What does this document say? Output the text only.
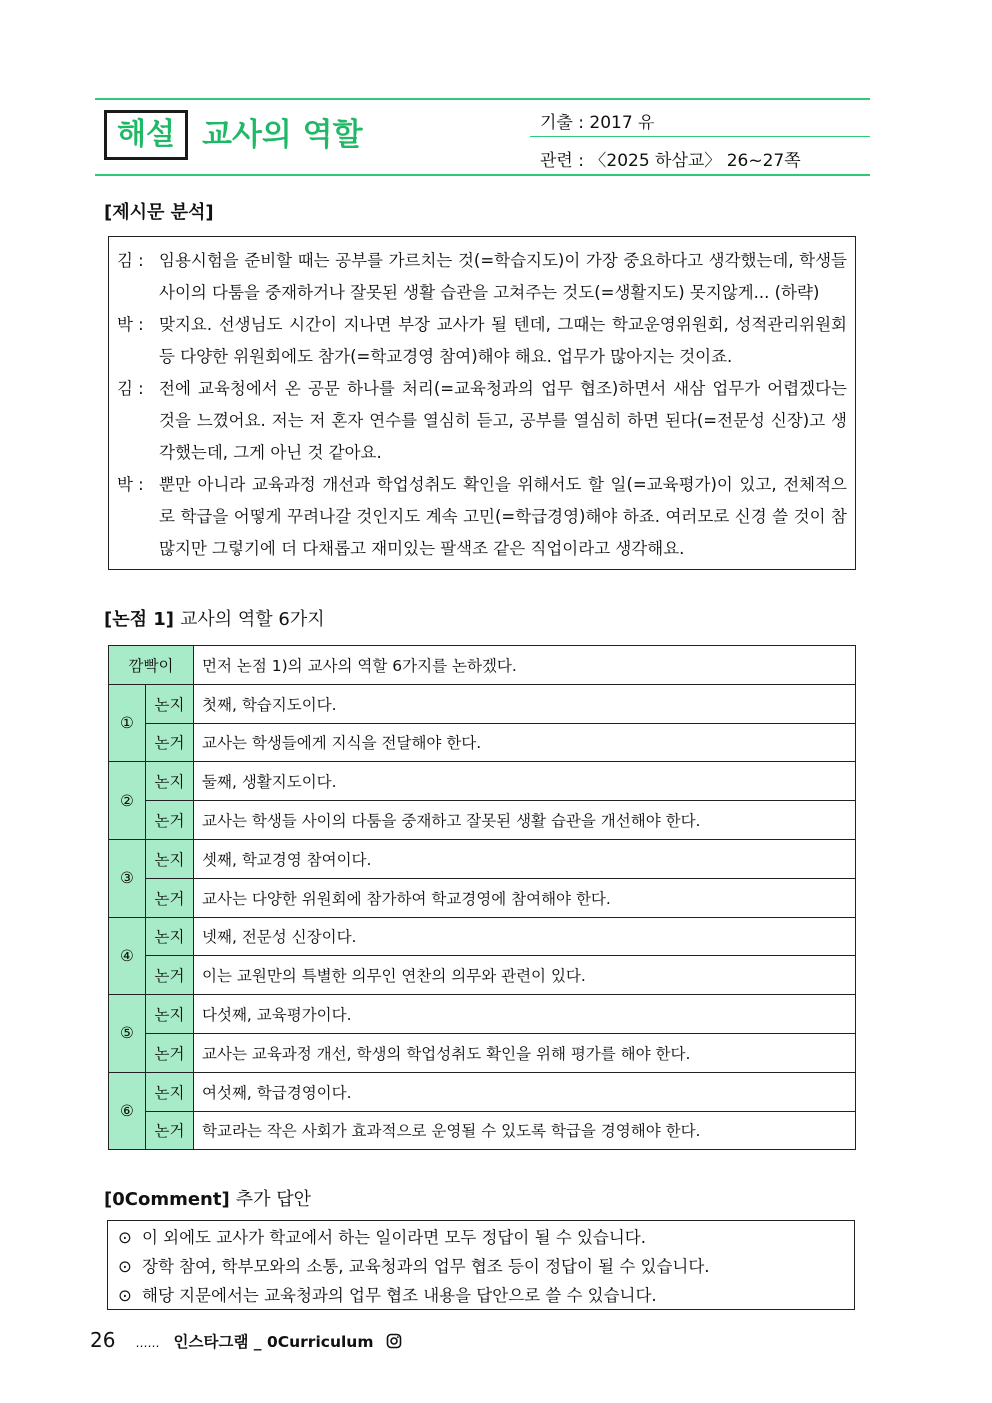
해설 교사의 역할	기출 : 2017 유
관련 : 〈2025 하삼교〉 26~27쪽
[제시문 분석]
김 : 임용시험을 준비할 때는 공부를 가르치는 것(=학습지도)이 가장 중요하다고 생각했는데, 학생들 사이의 다툼을 중재하거나 잘못된 생활 습관을 고쳐주는 것도(=생활지도) 못지않게... (하략)
박 : 맞지요. 선생님도 시간이 지나면 부장 교사가 될 텐데, 그때는 학교운영위원회, 성적관리위원회 등 다양한 위원회에도 참가(=학교경영 참여)해야 해요. 업무가 많아지는 것이죠.
김 : 전에 교육청에서 온 공문 하나를 처리(=교육청과의 업무 협조)하면서 새삼 업무가 어렵겠다는 것을 느꼈어요. 저는 저 혼자 연수를 열심히 듣고, 공부를 열심히 하면 된다(=전문성 신장)고 생각했는데, 그게 아닌 것 같아요.
박 : 뿐만 아니라 교육과정 개선과 학업성취도 확인을 위해서도 할 일(=교육평가)이 있고, 전체적으로 학급을 어떻게 꾸려나갈 것인지도 계속 고민(=학급경영)해야 하죠. 여러모로 신경 쓸 것이 참 많지만 그렇기에 더 다채롭고 재미있는 팔색조 같은 직업이라고 생각해요.
[논점 1] 교사의 역할 6가지
깜빡이		먼저 논점 1)의 교사의 역할 6가지를 논하겠다.
①	논지	첫째, 학습지도이다.
	논거	교사는 학생들에게 지식을 전달해야 한다.
②	논지	둘째, 생활지도이다.
	논거	교사는 학생들 사이의 다툼을 중재하고 잘못된 생활 습관을 개선해야 한다.
③	논지	셋째, 학교경영 참여이다.
	논거	교사는 다양한 위원회에 참가하여 학교경영에 참여해야 한다.
④	논지	넷째, 전문성 신장이다.
	논거	이는 교원만의 특별한 의무인 연찬의 의무와 관련이 있다.
⑤	논지	다섯째, 교육평가이다.
	논거	교사는 교육과정 개선, 학생의 학업성취도 확인을 위해 평가를 해야 한다.
⑥	논지	여섯째, 학급경영이다.
	논거	학교라는 작은 사회가 효과적으로 운영될 수 있도록 학급을 경영해야 한다.
[0Comment] 추가 답안
⊙ 이 외에도 교사가 학교에서 하는 일이라면 모두 정답이 될 수 있습니다.
⊙ 장학 참여, 학부모와의 소통, 교육청과의 업무 협조 등이 정답이 될 수 있습니다.
⊙ 해당 지문에서는 교육청과의 업무 협조 내용을 답안으로 쓸 수 있습니다.
26 …… 인스타그램 _ 0Curriculum
